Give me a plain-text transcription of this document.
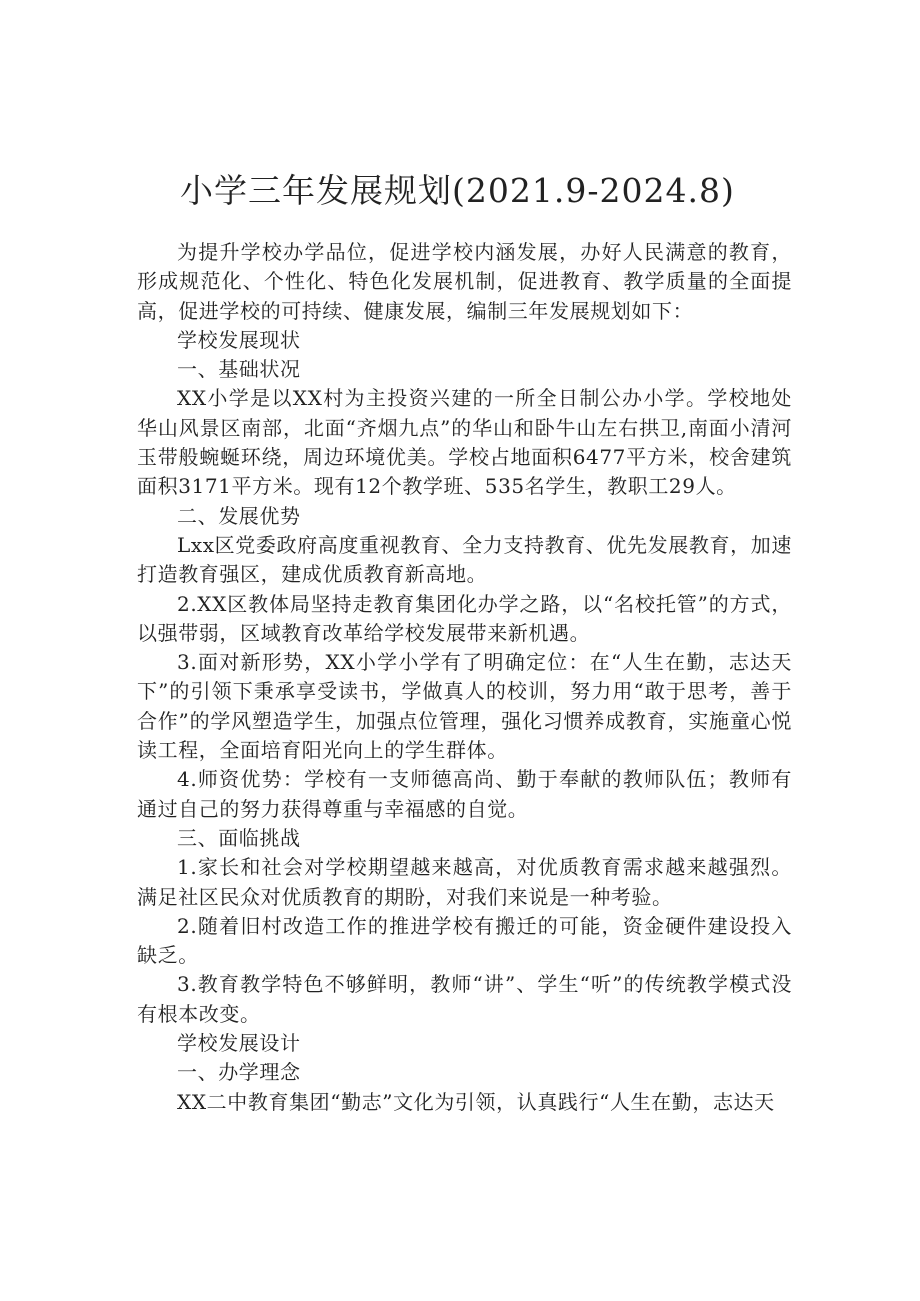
小学三年发展规划(2021.9-2024.8)

为提升学校办学品位，促进学校内涵发展，办好人民满意的教育，形成规范化、个性化、特色化发展机制，促进教育、教学质量的全面提高，促进学校的可持续、健康发展，编制三年发展规划如下：

学校发展现状

一、基础状况

XX小学是以XX村为主投资兴建的一所全日制公办小学。学校地处华山风景区南部，北面“齐烟九点”的华山和卧牛山左右拱卫,南面小清河玉带般蜿蜒环绕，周边环境优美。学校占地面积6477平方米，校舍建筑面积3171平方米。现有12个教学班、535名学生，教职工29人。

二、发展优势

Lxx区党委政府高度重视教育、全力支持教育、优先发展教育，加速打造教育强区，建成优质教育新高地。

2.XX区教体局坚持走教育集团化办学之路，以“名校托管”的方式，以强带弱，区域教育改革给学校发展带来新机遇。

3.面对新形势，XX小学小学有了明确定位：在“人生在勤，志达天下”的引领下秉承享受读书，学做真人的校训，努力用“敢于思考，善于合作”的学风塑造学生，加强点位管理，强化习惯养成教育，实施童心悦读工程，全面培育阳光向上的学生群体。

4.师资优势：学校有一支师德高尚、勤于奉献的教师队伍；教师有通过自己的努力获得尊重与幸福感的自觉。

三、面临挑战

1.家长和社会对学校期望越来越高，对优质教育需求越来越强烈。满足社区民众对优质教育的期盼，对我们来说是一种考验。

2.随着旧村改造工作的推进学校有搬迁的可能，资金硬件建设投入缺乏。

3.教育教学特色不够鲜明，教师“讲”、学生“听”的传统教学模式没有根本改变。

学校发展设计

一、办学理念

XX二中教育集团“勤志”文化为引领，认真践行“人生在勤，志达天
